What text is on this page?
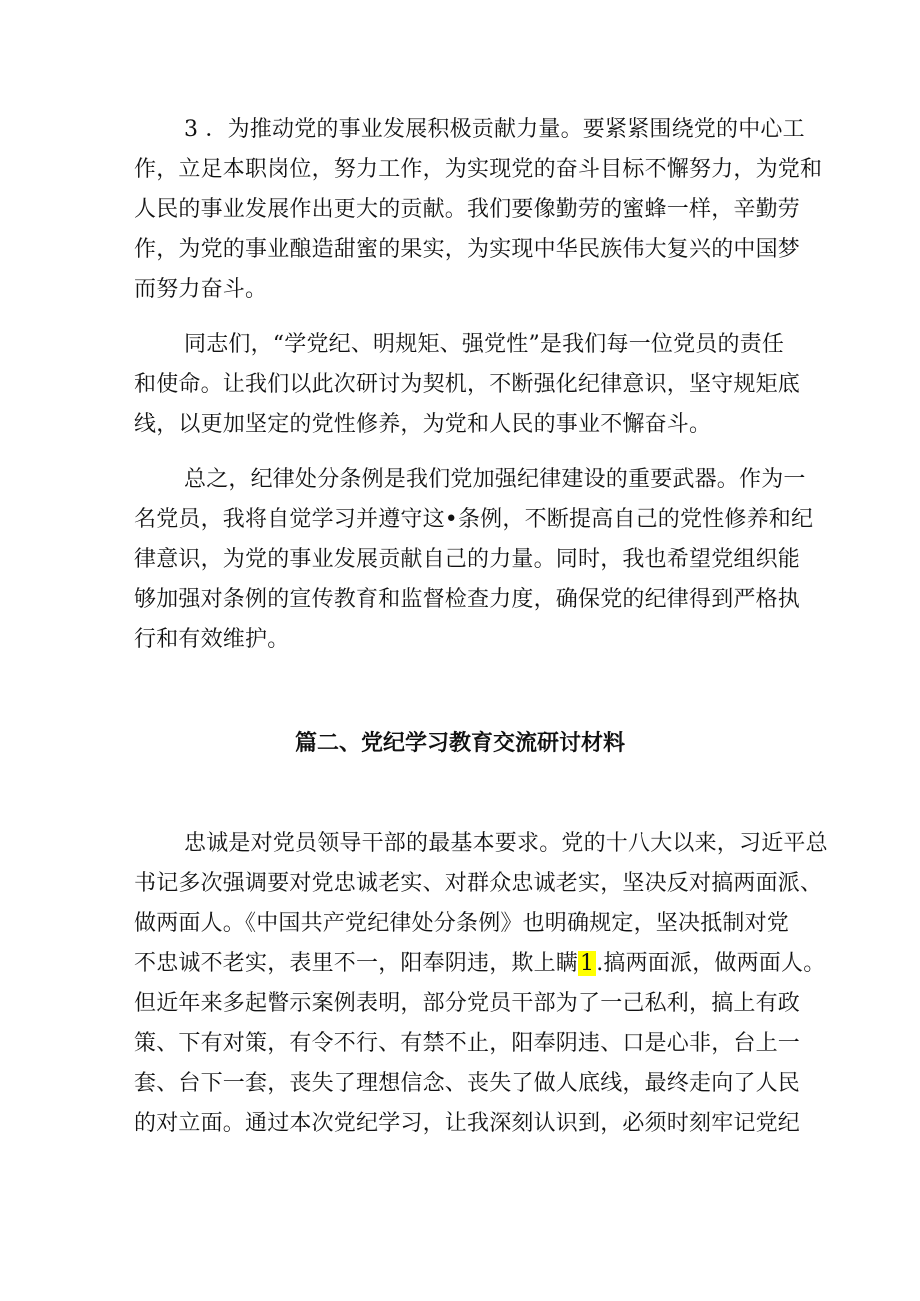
3 ．为推动党的事业发展积极贡献力量。要紧紧围绕党的中心工
作，立足本职岗位，努力工作，为实现党的奋斗目标不懈努力，为党和
人民的事业发展作出更大的贡献。我们要像勤劳的蜜蜂一样，辛勤劳
作，为党的事业酿造甜蜜的果实，为实现中华民族伟大复兴的中国梦
而努力奋斗。

同志们，“学党纪、明规矩、强党性”是我们每一位党员的责任
和使命。让我们以此次研讨为契机，不断强化纪律意识，坚守规矩底
线，以更加坚定的党性修养，为党和人民的事业不懈奋斗。

总之，纪律处分条例是我们党加强纪律建设的重要武器。作为一
名党员，我将自觉学习并遵守这•条例，不断提高自己的党性修养和纪
律意识，为党的事业发展贡献自己的力量。同时，我也希望党组织能
够加强对条例的宣传教育和监督检查力度，确保党的纪律得到严格执
行和有效维护。

篇二、党纪学习教育交流研讨材料

忠诚是对党员领导干部的最基本要求。党的十八大以来，习近平总
书记多次强调要对党忠诚老实、对群众忠诚老实，坚决反对搞两面派、
做两面人。《中国共产党纪律处分条例》也明确规定，坚决抵制对党
不忠诚不老实，表里不一，阳奉阴违，欺上瞒1.搞两面派，做两面人。
但近年来多起瞥示案例表明，部分党员干部为了一己私利，搞上有政
策、下有对策，有令不行、有禁不止，阳奉阴违、口是心非，台上一
套、台下一套，丧失了理想信念、丧失了做人底线，最终走向了人民
的对立面。通过本次党纪学习，让我深刻认识到，必须时刻牢记党纪
